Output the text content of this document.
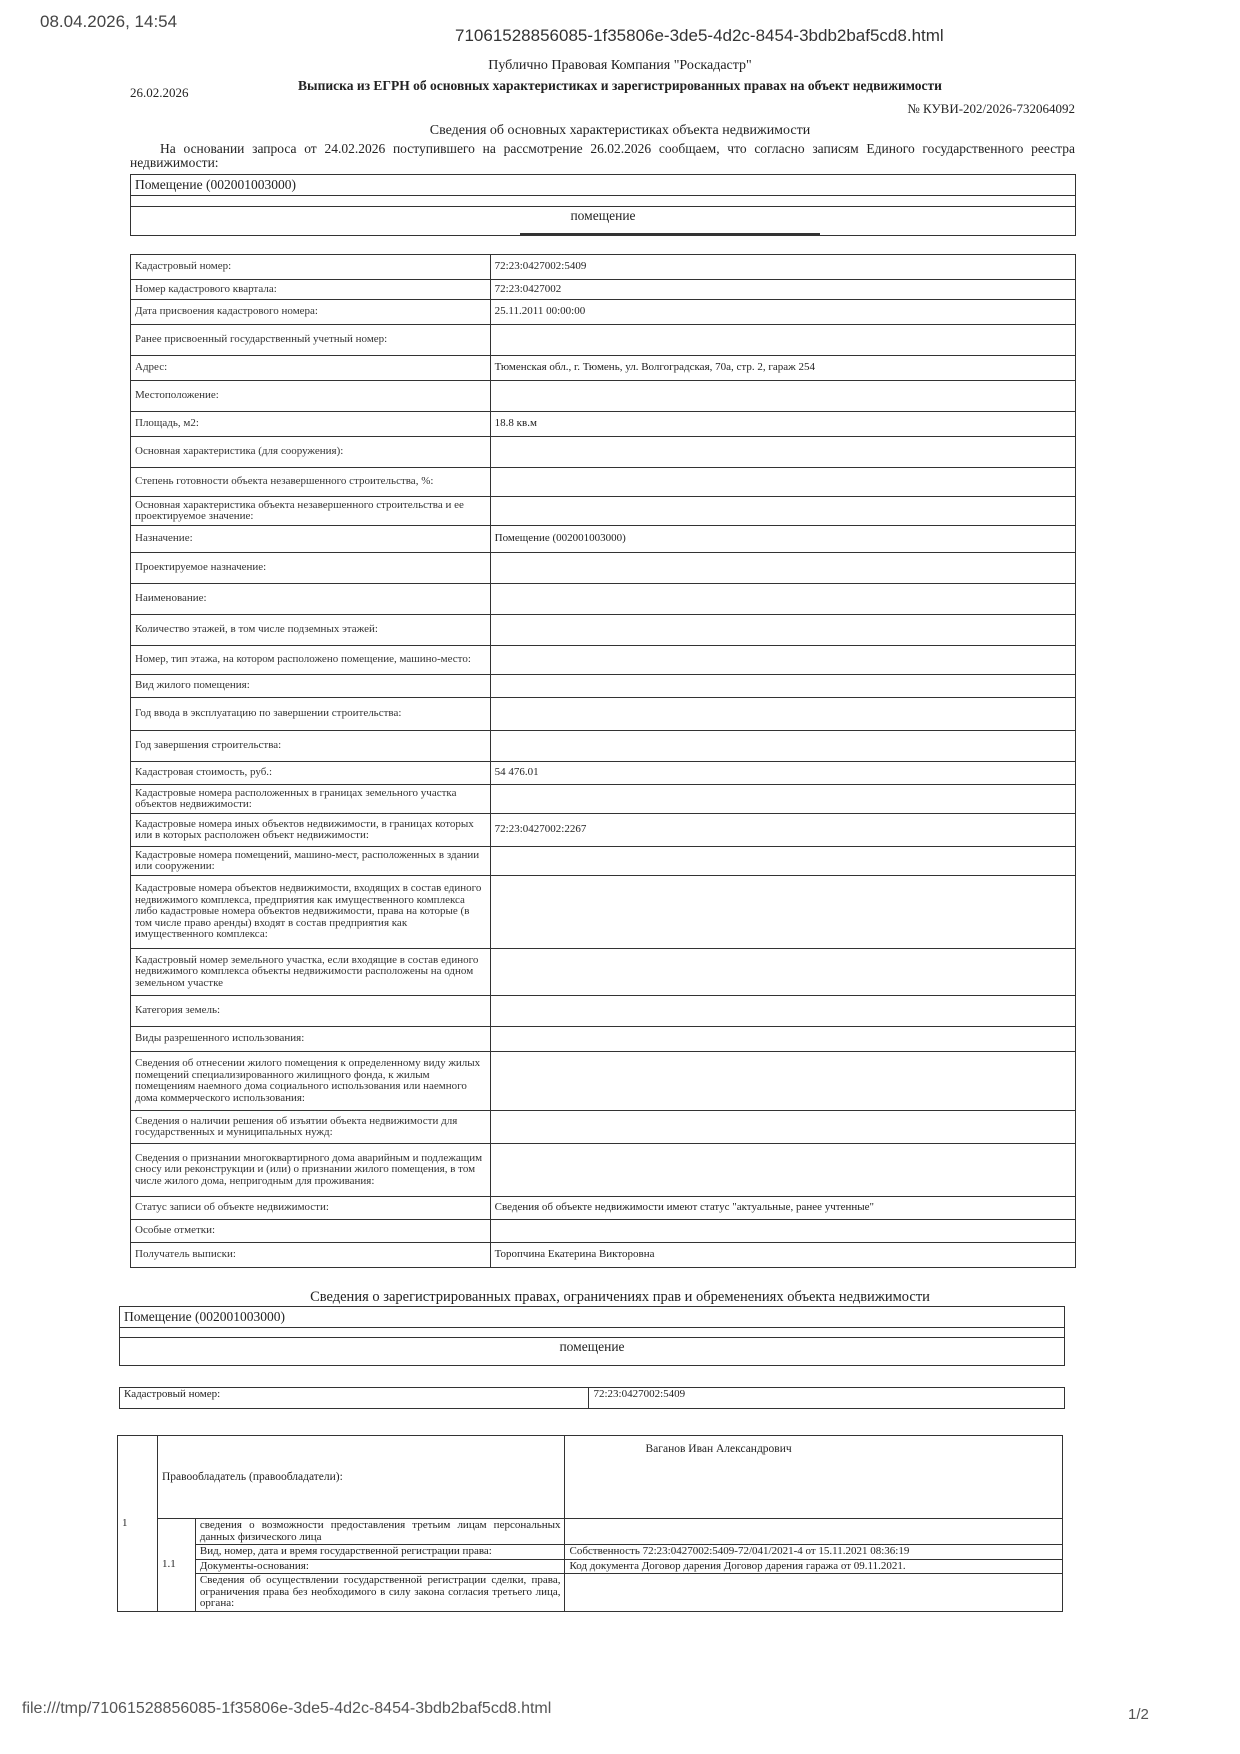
08.04.2026, 14:54
71061528856085-1f35806e-3de5-4d2c-8454-3bdb2baf5cd8.html
Публично Правовая Компания "Роскадастр"
Выписка из ЕГРН об основных характеристиках и зарегистрированных правах на объект недвижимости
26.02.2026
№ КУВИ-202/2026-732064092
Сведения об основных характеристиках объекта недвижимости
На основании запроса от 24.02.2026 поступившего на рассмотрение 26.02.2026 сообщаем, что согласно записям Единого государственного реестра недвижимости:
Помещение (002001003000)
помещение
Кадастровый номер:	72:23:0427002:5409
Номер кадастрового квартала:	72:23:0427002
Дата присвоения кадастрового номера:	25.11.2011 00:00:00
Ранее присвоенный государственный учетный номер:	
Адрес:	Тюменская обл., г. Тюмень, ул. Волгоградская, 70а, стр. 2, гараж 254
Местоположение:	
Площадь, м2:	18.8 кв.м
Основная характеристика (для сооружения):	
Степень готовности объекта незавершенного строительства, %:	
Основная характеристика объекта незавершенного строительства и ее проектируемое значение:	
Назначение:	Помещение (002001003000)
Проектируемое назначение:	
Наименование:	
Количество этажей, в том числе подземных этажей:	
Номер, тип этажа, на котором расположено помещение, машино-место:	
Вид жилого помещения:	
Год ввода в эксплуатацию по завершении строительства:	
Год завершения строительства:	
Кадастровая стоимость, руб.:	54 476.01
Кадастровые номера расположенных в границах земельного участка объектов недвижимости:	
Кадастровые номера иных объектов недвижимости, в границах которых или в которых расположен объект недвижимости:	72:23:0427002:2267
Кадастровые номера помещений, машино-мест, расположенных в здании или сооружении:	
Кадастровые номера объектов недвижимости, входящих в состав единого недвижимого комплекса, предприятия как имущественного комплекса либо кадастровые номера объектов недвижимости, права на которые (в том числе право аренды) входят в состав предприятия как имущественного комплекса:	
Кадастровый номер земельного участка, если входящие в состав единого недвижимого комплекса объекты недвижимости расположены на одном земельном участке	
Категория земель:	
Виды разрешенного использования:	
Сведения об отнесении жилого помещения к определенному виду жилых помещений специализированного жилищного фонда, к жилым помещениям наемного дома социального использования или наемного дома коммерческого использования:	
Сведения о наличии решения об изъятии объекта недвижимости для государственных и муниципальных нужд:	
Сведения о признании многоквартирного дома аварийным и подлежащим сносу или реконструкции и (или) о признании жилого помещения, в том числе жилого дома, непригодным для проживания:	
Статус записи об объекте недвижимости:	Сведения об объекте недвижимости имеют статус "актуальные, ранее учтенные"
Особые отметки:	
Получатель выписки:	Торопчина Екатерина Викторовна
Сведения о зарегистрированных правах, ограничениях прав и обременениях объекта недвижимости
Помещение (002001003000)
помещение
Кадастровый номер:	72:23:0427002:5409
1	Правообладатель (правообладатели):		Ваганов Иван Александрович
	1.1	сведения о возможности предоставления третьим лицам персональных данных физического лица	
		Вид, номер, дата и время государственной регистрации права:	Собственность 72:23:0427002:5409-72/041/2021-4 от 15.11.2021 08:36:19
		Документы-основания:	Код документа Договор дарения Договор дарения гаража от 09.11.2021.
		Сведения об осуществлении государственной регистрации сделки, права, ограничения права без необходимого в силу закона согласия третьего лица, органа:	
file:///tmp/71061528856085-1f35806e-3de5-4d2c-8454-3bdb2baf5cd8.html	1/2
